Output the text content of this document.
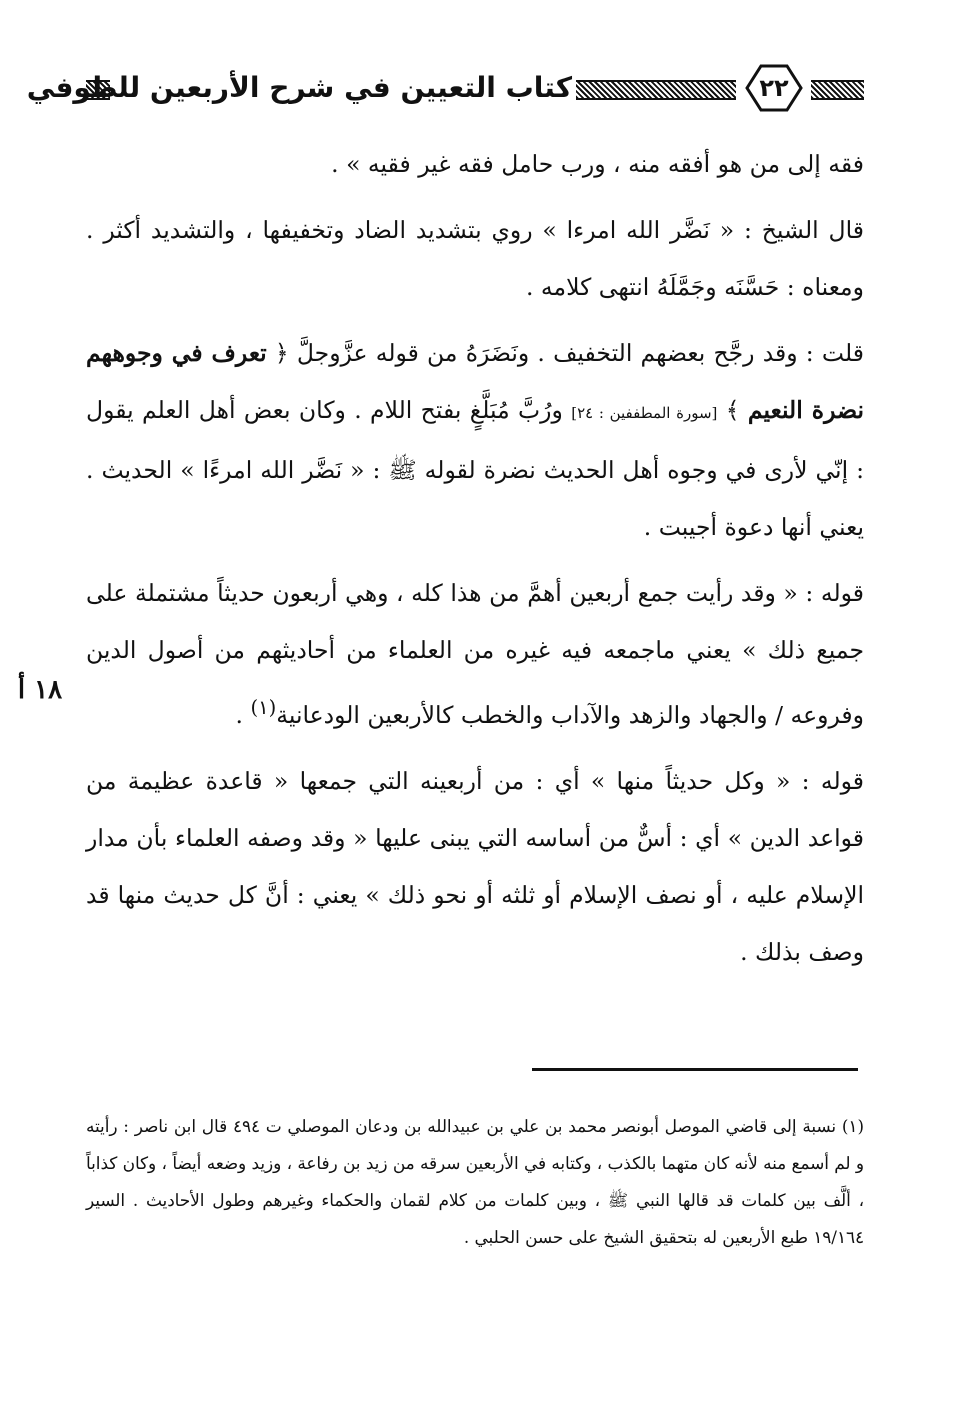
كتاب التعيين في شرح الأربعين للطوفي	٢٢

فقه إلى من هو أفقه منه ، ورب حامل فقه غير فقيه » .

قال الشيخ : « نَضَّر الله امرءا » روي بتشديد الضاد وتخفيفها ، والتشديد أكثر . ومعناه : حَسَّنَه وجَمَّلَهُ انتهى كلامه .

قلت : وقد رجَّح بعضهم التخفيف . ونَضَرَهُ من قوله عزَّوجلَّ ﴿ تعرف في وجوههم نضرة النعيم ﴾ [سورة المطففين : ٢٤] ورُبَّ مُبَلَّغٍ بفتح اللام . وكان بعض أهل العلم يقول : إنّي لأرى في وجوه أهل الحديث نضرة لقوله ﷺ : « نَضَّر الله امرءًا » الحديث . يعني أنها دعوة أجيبت .

قوله : « وقد رأيت جمع أربعين أهمَّ من هذا كله ، وهي أربعون حديثاً مشتملة على جميع ذلك » يعني ماجمعه فيه غيره من العلماء من أحاديثهم من أصول الدين وفروعه / والجهاد والزهد والآداب والخطب كالأربعين الودعانية$^{(١)}$ .

قوله : « وكل حديثاً منها » أي : من أربعينه التي جمعها « قاعدة عظيمة من قواعد الدين » أي : أسٌّ من أساسه التي يبنى عليها « وقد وصفه العلماء بأن مدار الإسلام عليه ، أو نصف الإسلام أو ثلثه أو نحو ذلك » يعني : أنَّ كل حديث منها قد وصف بذلك .

١٨ أ

(١) نسبة إلى قاضي الموصل أبونصر محمد بن علي بن عبيدالله بن ودعان الموصلي ت ٤٩٤ قال ابن ناصر : رأيته و لم أسمع منه لأنه كان متهما بالكذب ، وكتابه في الأربعين سرقه من زيد بن رفاعة ، وزيد وضعه أيضاً ، وكان كذاباً ، ألَّف بين كلمات قد قالها النبي ﷺ ، وبين كلمات من كلام لقمان والحكماء وغيرهم وطول الأحاديث . السير ١٩/١٦٤ طبع الأربعين له بتحقيق الشيخ على حسن الحلبي .
